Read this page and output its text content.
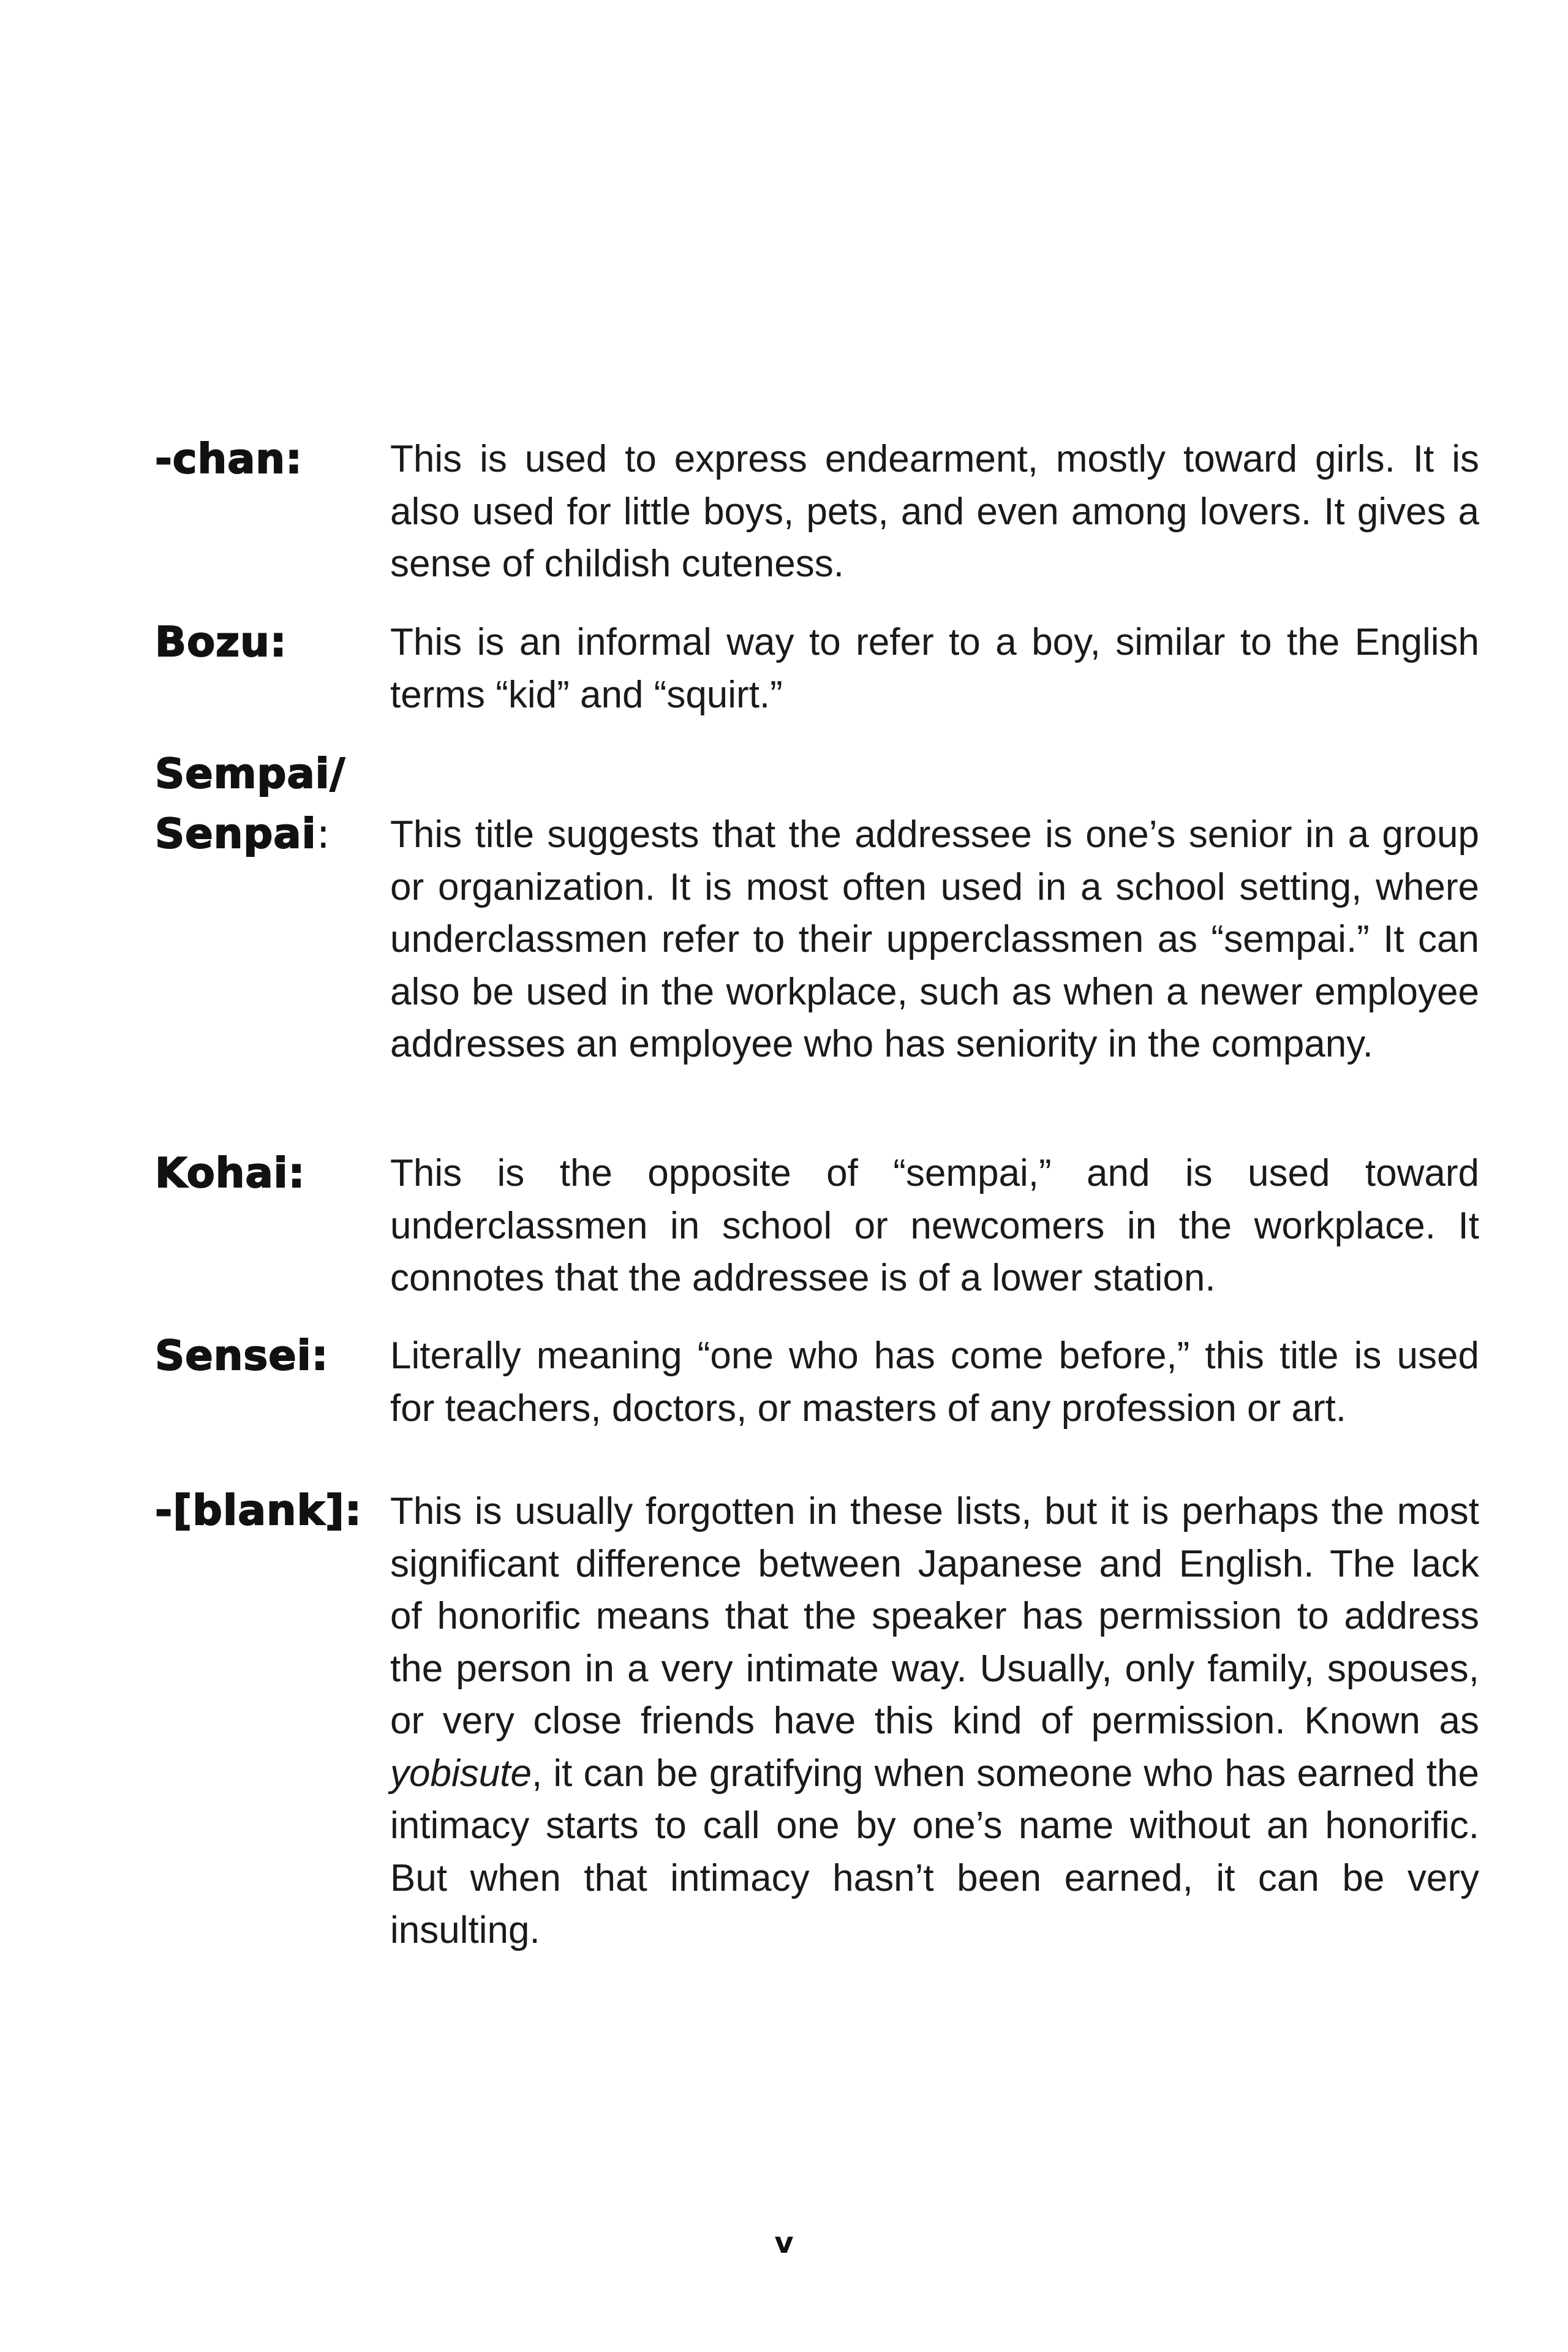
-chan: This is used to express endearment, mostly toward girls. It is also used for little boys, pets, and even among lovers. It gives a sense of childish cuteness.

Bozu:	This is an informal way to refer to a boy, similar to the English terms “kid” and “squirt.”

Sempai/
Senpai: This title suggests that the addressee is one’s senior in a group or organization. It is most often used in a school setting, where underclassmen refer to their upperclassmen as “sempai.” It can also be used in the workplace, such as when a newer employee addresses an employee who has seniority in the company.

Kohai: This is the opposite of “sempai,” and is used toward underclassmen in school or newcomers in the workplace. It connotes that the addressee is of a lower station.

Sensei: Literally meaning “one who has come before,” this title is used for teachers, doctors, or masters of any profession or art.

-[blank]: This is usually forgotten in these lists, but it is perhaps the most significant difference between Japanese and English. The lack of honorific means that the speaker has permission to address the person in a very intimate way. Usually, only family, spouses, or very close friends have this kind of permission. Known as yobisute, it can be gratifying when someone who has earned the intimacy starts to call one by one’s name without an honorific. But when that intimacy hasn’t been earned, it can be very insulting.

v
